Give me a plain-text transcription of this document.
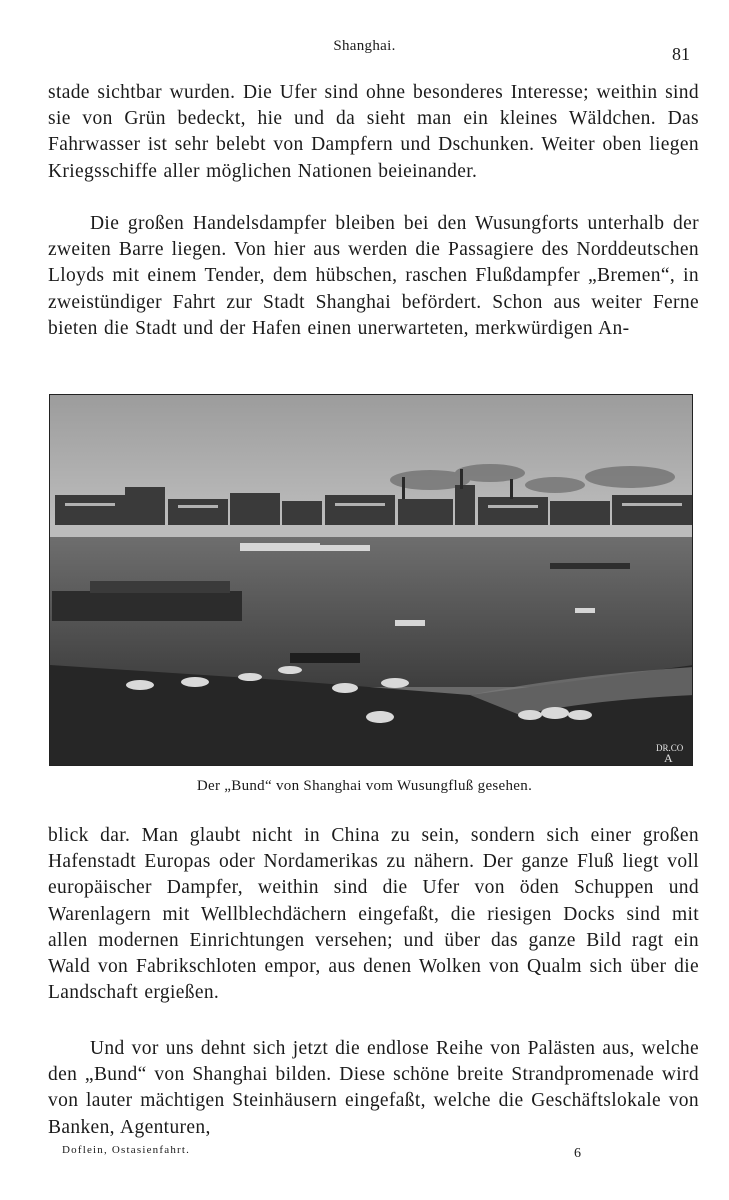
Shanghai.	81

stade sichtbar wurden. Die Ufer sind ohne besonderes Interesse; weithin sind sie von Grün bedeckt, hie und da sieht man ein kleines Wäldchen. Das Fahrwasser ist sehr belebt von Dampfern und Dschunken. Weiter oben liegen Kriegsschiffe aller möglichen Nationen beieinander.

Die großen Handelsdampfer bleiben bei den Wusungforts unterhalb der zweiten Barre liegen. Von hier aus werden die Passagiere des Norddeutschen Lloyds mit einem Tender, dem hübschen, raschen Flußdampfer „Bremen“, in zweistündiger Fahrt zur Stadt Shanghai befördert. Schon aus weiter Ferne bieten die Stadt und der Hafen einen unerwarteten, merkwürdigen An-

DR.CO
A
Der „Bund“ von Shanghai vom Wusungfluß gesehen.

blick dar. Man glaubt nicht in China zu sein, sondern sich einer großen Hafenstadt Europas oder Nordamerikas zu nähern. Der ganze Fluß liegt voll europäischer Dampfer, weithin sind die Ufer von öden Schuppen und Warenlagern mit Wellblechdächern eingefaßt, die riesigen Docks sind mit allen modernen Einrichtungen versehen; und über das ganze Bild ragt ein Wald von Fabrikschloten empor, aus denen Wolken von Qualm sich über die Landschaft ergießen.

Und vor uns dehnt sich jetzt die endlose Reihe von Palästen aus, welche den „Bund“ von Shanghai bilden. Diese schöne breite Strandpromenade wird von lauter mächtigen Steinhäusern eingefaßt, welche die Geschäftslokale von Banken, Agenturen,

Doflein, Ostasienfahrt.	6
